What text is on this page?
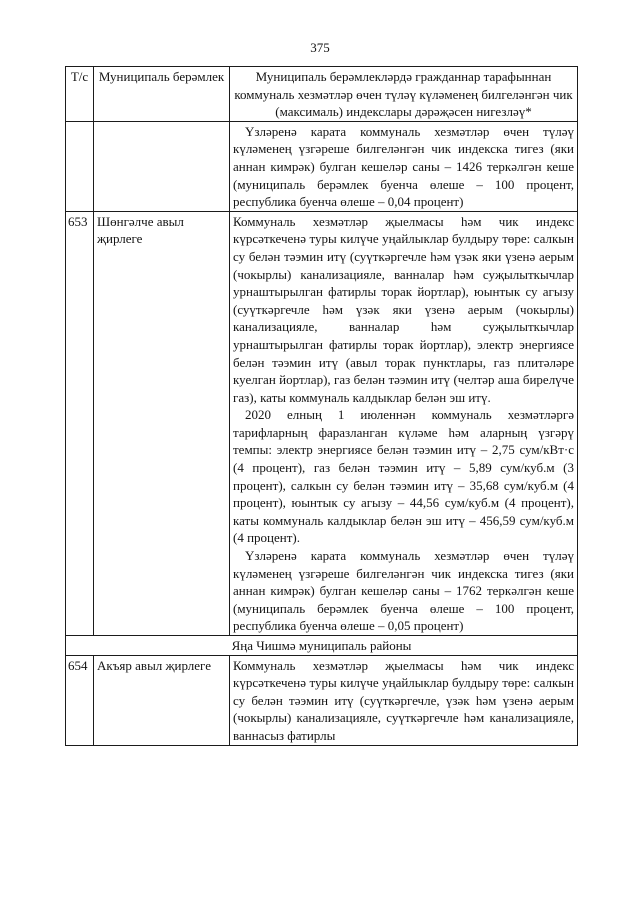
375
Т/с	Муниципаль берәмлек	Муниципаль берәмлекләрдә гражданнар тарафыннан коммуналь хезмәтләр өчен түләү күләменең билгеләнгән чик (максималь) индекслары дәрәҗәсен нигезләү*

		Үзләренә карата коммуналь хезмәтләр өчен түләү күләменең үзгәреше билгеләнгән чик индекска тигез (яки аннан кимрәк) булган кешеләр саны – 1426 теркәлгән кеше (муниципаль берәмлек буенча өлеше – 100 процент, республика буенча өлеше – 0,04 процент)

653	Шөнгәлче авыл җирлеге	Коммуналь хезмәтләр җыелмасы һәм чик индекс күрсәткеченә туры килүче уңайлыклар булдыру төре: салкын су белән тәэмин итү (суүткәргечле һәм үзәк яки үзенә аерым (чокырлы) канализацияле, ванналар һәм суҗылыткычлар урнаштырылган фатирлы торак йортлар), юынтык су агызу (суүткәргечле һәм үзәк яки үзенә аерым (чокырлы) канализацияле, ванналар һәм суҗылыткычлар урнаштырылган фатирлы торак йортлар), электр энергиясе белән тәэмин итү (авыл торак пунктлары, газ плитәләре куелган йортлар), газ белән тәэмин итү (челтәр аша бирелүче газ), каты коммуналь калдыклар белән эш итү.

2020 елның 1 июленнән коммуналь хезмәтләргә тарифларның фаразланган күләме һәм аларның үзгәрү темпы: электр энергиясе белән тәэмин итү – 2,75 сум/кВт·с (4 процент), газ белән тәэмин итү – 5,89 сум/куб.м (3 процент), салкын су белән тәэмин итү – 35,68 сум/куб.м (4 процент), юынтык су агызу – 44,56 сум/куб.м (4 процент), каты коммуналь калдыклар белән эш итү – 456,59 сум/куб.м (4 процент).

Үзләренә карата коммуналь хезмәтләр өчен түләү күләменең үзгәреше билгеләнгән чик индекска тигез (яки аннан кимрәк) булган кешеләр саны – 1762 теркәлгән кеше (муниципаль берәмлек буенча өлеше – 100 процент, республика буенча өлеше – 0,05 процент)

Яңа Чишмә муниципаль районы		
654	Акъяр авыл җирлеге	Коммуналь хезмәтләр җыелмасы һәм чик индекс күрсәткеченә туры килүче уңайлыклар булдыру төре: салкын су белән тәэмин итү (суүткәргечле, үзәк һәм үзенә аерым (чокырлы) канализацияле, суүткәргечле һәм канализацияле, ваннасыз фатирлы
